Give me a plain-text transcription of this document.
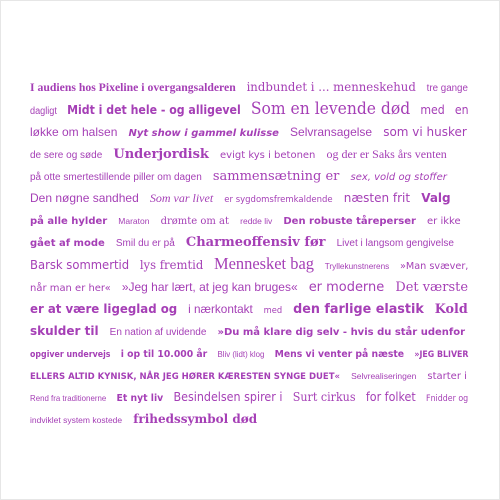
I audiens hos Pixeline i overgangsalderen indbundet i ... menneskehud tre gange
dagligt Midt i det hele - og alligevel Som en levende død med en
løkke om halsen Nyt show i gammel kulisse Selvransagelse som vi husker
de sere og søde Underjordisk evigt kys i betonen og der er Saks års venten
på otte smertestillende piller om dagen sammensætning er sex, vold og stoffer
Den nøgne sandhed Som var livet er sygdomsfremkaldende næsten frit Valg
på alle hylder Maraton drømte om at redde liv Den robuste tåreperser er ikke
gået af mode Smil du er på Charmeoffensiv før Livet i langsom gengivelse
Barsk sommertid lys fremtid Mennesket bag Tryllekunstnerens »Man svæver,
når man er her« »Jeg har lært, at jeg kan bruges« er moderne Det værste
er at være ligeglad og i nærkontakt med den farlige elastik Kold
skulder til En nation af uvidende »Du må klare dig selv - hvis du står udenfor
opgiver undervejs i op til 10.000 år Bliv (lidt) klog Mens vi venter på næste »JEG BLIVER
ELLERS ALTID KYNISK, NÅR JEG HØRER KÆRESTEN SYNGE DUET« Selvrealiseringen starter i
Rend fra traditionerne Et nyt liv Besindelsen spirer i Surt cirkus for folket Fnidder og
indviklet system kostede frihedssymbol død
